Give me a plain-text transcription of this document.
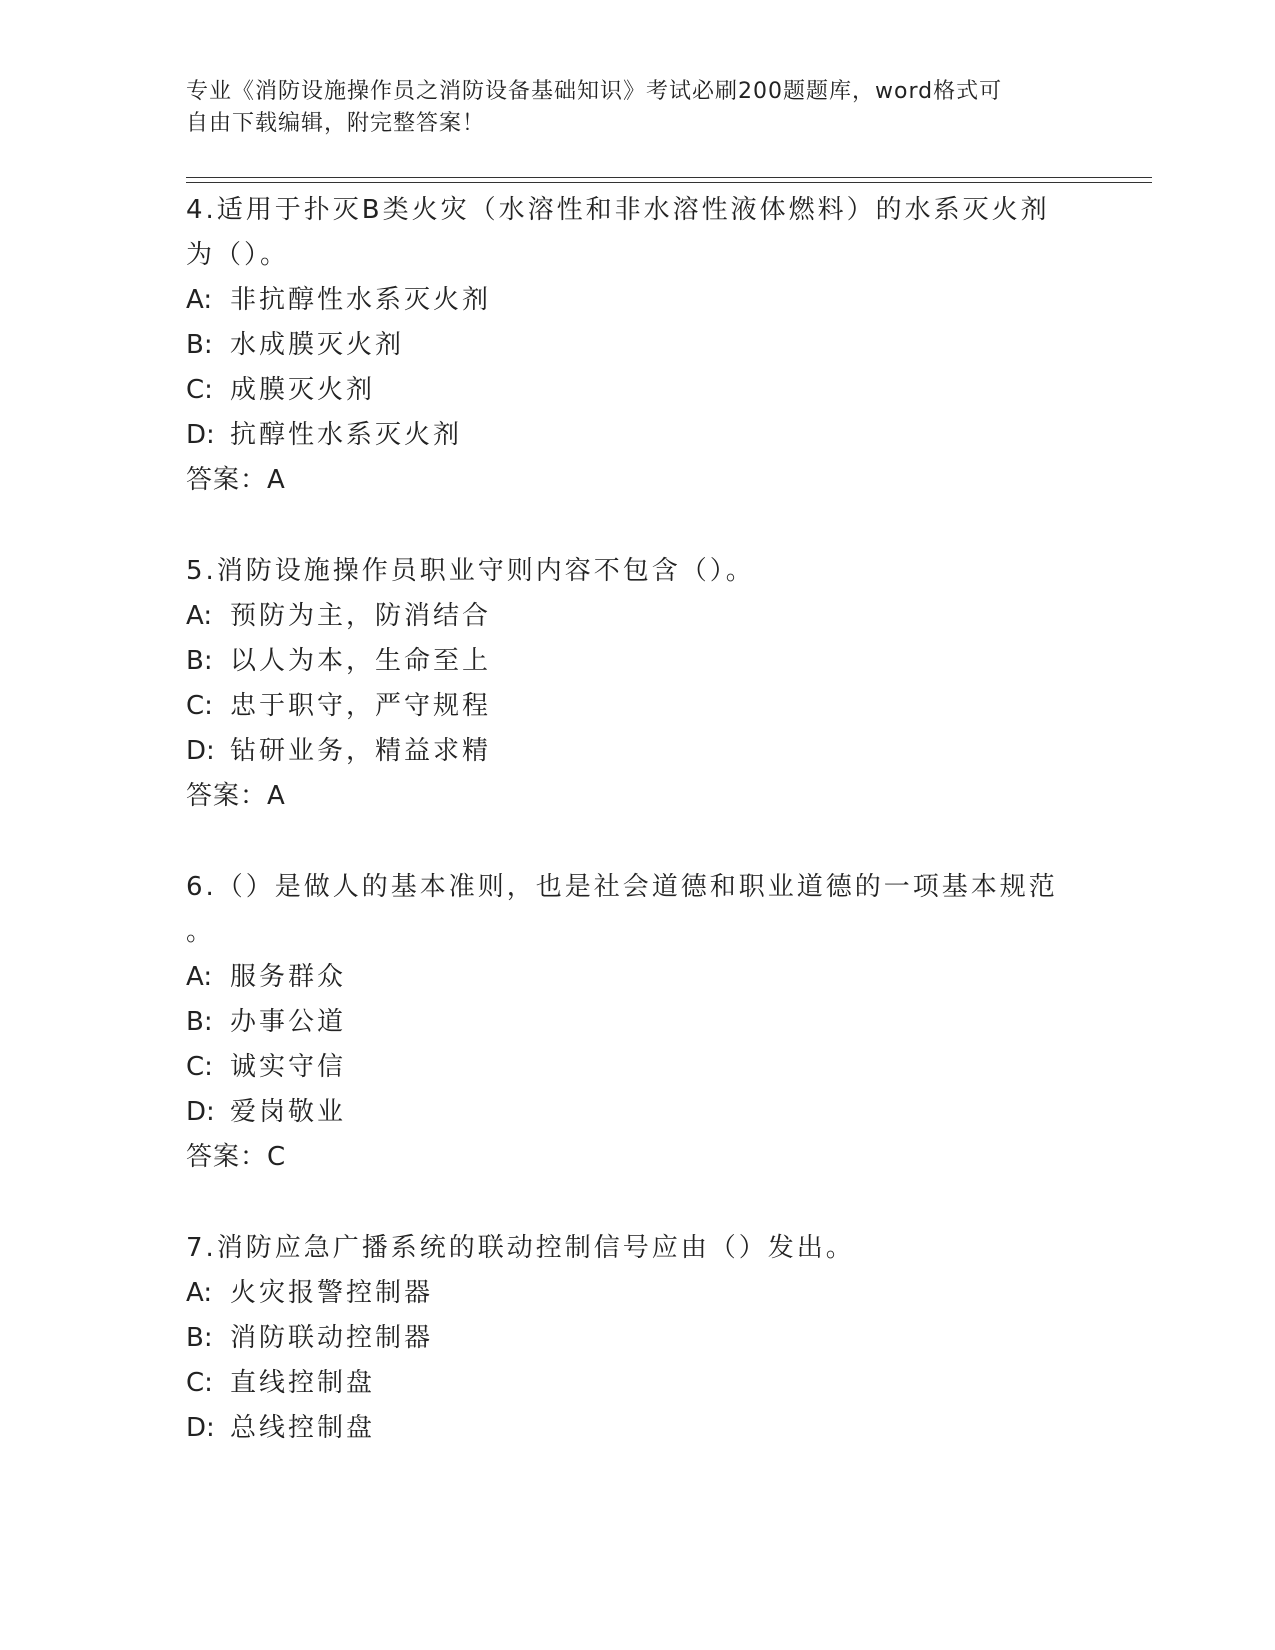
专业《消防设施操作员之消防设备基础知识》考试必刷200题题库，word格式可
自由下载编辑，附完整答案！
4.适用于扑灭B类火灾（水溶性和非水溶性液体燃料）的水系灭火剂
为（）。
A: 非抗醇性水系灭火剂
B: 水成膜灭火剂
C: 成膜灭火剂
D: 抗醇性水系灭火剂
答案：A
5.消防设施操作员职业守则内容不包含（）。
A: 预防为主，防消结合
B: 以人为本，生命至上
C: 忠于职守，严守规程
D: 钻研业务，精益求精
答案：A
6.（）是做人的基本准则，也是社会道德和职业道德的一项基本规范
。
A: 服务群众
B: 办事公道
C: 诚实守信
D: 爱岗敬业
答案：C
7.消防应急广播系统的联动控制信号应由（）发出。
A: 火灾报警控制器
B: 消防联动控制器
C: 直线控制盘
D: 总线控制盘
